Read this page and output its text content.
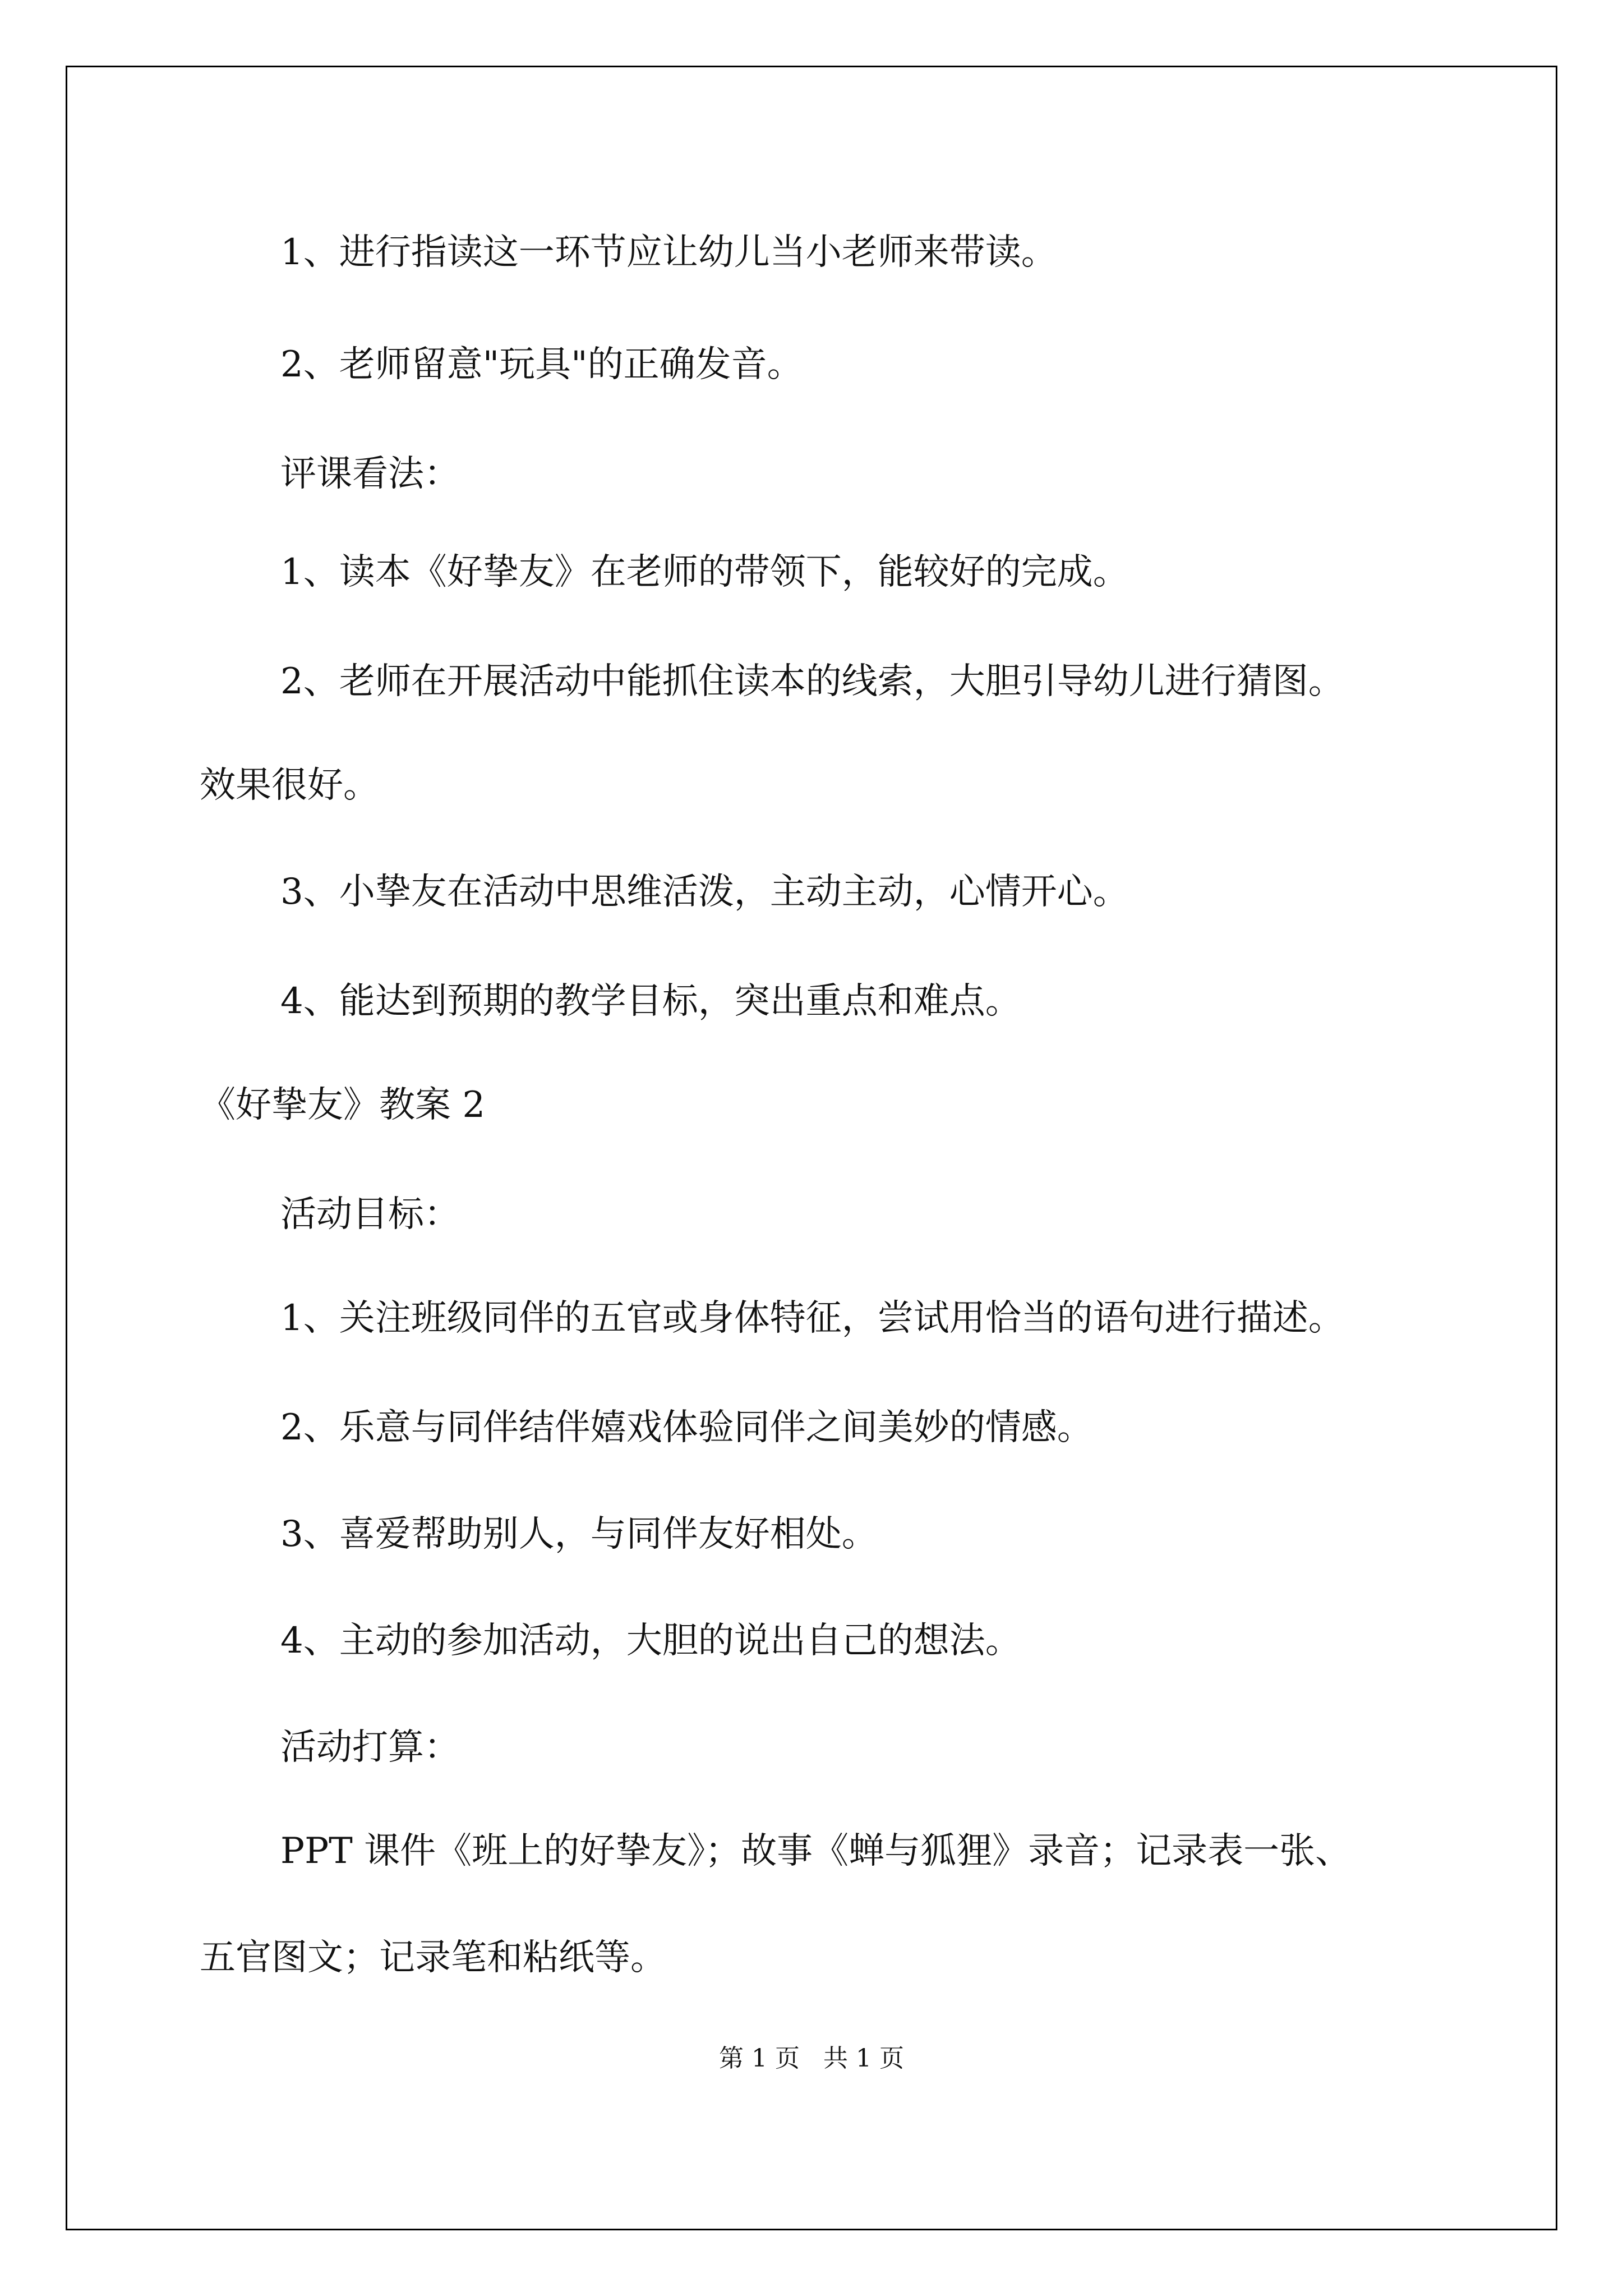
1、进行指读这一环节应让幼儿当小老师来带读。
2、老师留意"玩具"的正确发音。
评课看法：
1、读本《好挚友》在老师的带领下，能较好的完成。
2、老师在开展活动中能抓住读本的线索，大胆引导幼儿进行猜图。
效果很好。
3、小挚友在活动中思维活泼，主动主动，心情开心。
4、能达到预期的教学目标，突出重点和难点。
《好挚友》教案 2
活动目标：
1、关注班级同伴的五官或身体特征，尝试用恰当的语句进行描述。
2、乐意与同伴结伴嬉戏体验同伴之间美妙的情感。
3、喜爱帮助别人，与同伴友好相处。
4、主动的参加活动，大胆的说出自己的想法。
活动打算：
PPT 课件《班上的好挚友》；故事《蝉与狐狸》录音；记录表一张、
五官图文；记录笔和粘纸等。
第 1 页   共 1 页
